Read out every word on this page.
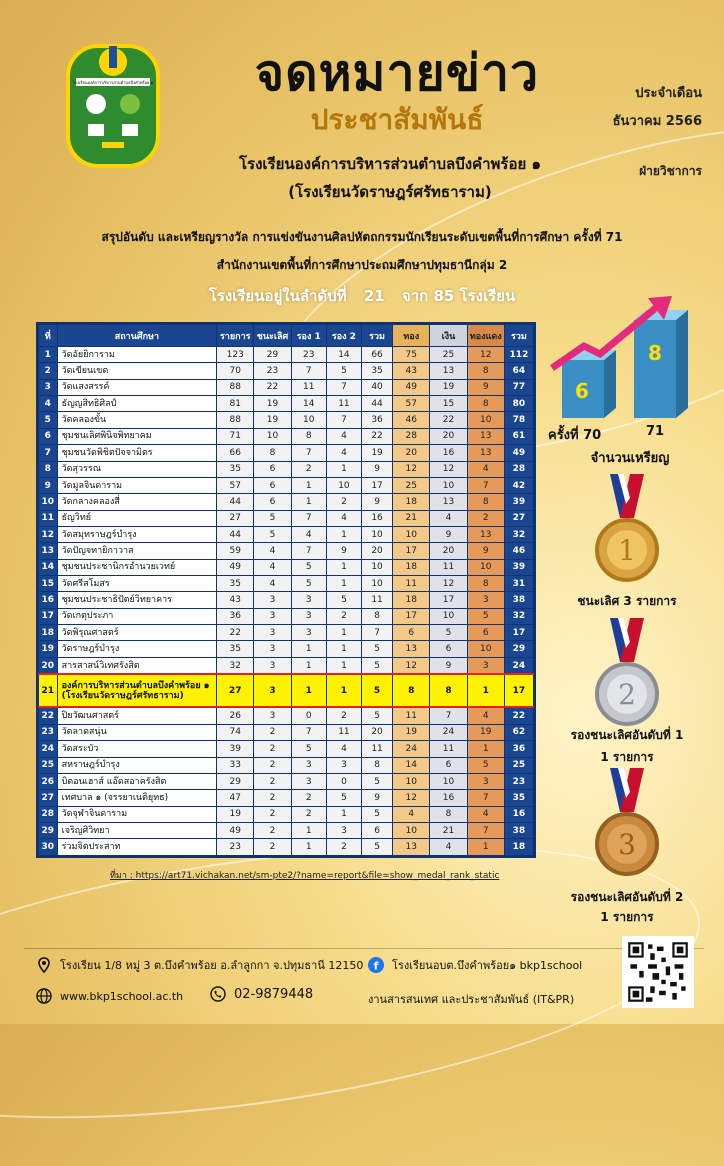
โรงเรียนองค์การบริหารส่วนตำบลบึงคำพร้อย ๑	จดหมายข่าว
ประชาสัมพันธ์
ประจำเดือน
ธันวาคม 2566
ฝ่ายวิชาการ
โรงเรียนองค์การบริหารส่วนตำบลบึงคำพร้อย ๑
(โรงเรียนวัดราษฎร์ศรัทธาราม)
สรุปอันดับ และเหรียญรางวัล การแข่งขันงานศิลปหัตถกรรมนักเรียนระดับเขตพื้นที่การศึกษา ครั้งที่ 71
สำนักงานเขตพื้นที่การศึกษาประถมศึกษาปทุมธานีกลุ่ม 2
โรงเรียนอยู่ในลำดับที่ 21 จาก 85 โรงเรียน
ที่	สถานศึกษา	รายการ	ชนะเลิศ	รอง 1	รอง 2	รวม	ทอง	เงิน	ทองแดง	รวม
1	วัดอัยยิการาม	123	29	23	14	66	75	25	12	112
2	วัดเขียนเขต	70	23	7	5	35	43	13	8	64
3	วัดแสงสรรค์	88	22	11	7	40	49	19	9	77
4	ธัญญสิทธิศิลป์	81	19	14	11	44	57	15	8	80
5	วัดคลองขั้น	88	19	10	7	36	46	22	10	78
6	ชุมชนเลิศพินิจพิทยาคม	71	10	8	4	22	28	20	13	61
7	ชุมชนวัดพิชิตปัจจามิตร	66	8	7	4	19	20	16	13	49
8	วัดสุวรรณ	35	6	2	1	9	12	12	4	28
9	วัดมูลจินดาราม	57	6	1	10	17	25	10	7	42
10	วัดกลางคลองสี่	44	6	1	2	9	18	13	8	39
11	ธัญวิทย์	27	5	7	4	16	21	4	2	27
12	วัดสมุทราษฎร์บำรุง	44	5	4	1	10	10	9	13	32
13	วัดปัญจทายิกาวาส	59	4	7	9	20	17	20	9	46
14	ชุมชนประชานิกรอำนวยเวทย์	49	4	5	1	10	18	11	10	39
15	วัดศรีสโมสร	35	4	5	1	10	11	12	8	31
16	ชุมชนประชาธิปัตย์วิทยาคาร	43	3	3	5	11	18	17	3	38
17	วัดเกตุประภา	36	3	3	2	8	17	10	5	32
18	วัดพิรุณศาสตร์	22	3	3	1	7	6	5	6	17
19	วัดราษฎร์บำรุง	35	3	1	1	5	13	6	10	29
20	สารสาสน์วิเทศรังสิต	32	3	1	1	5	12	9	3	24
21	องค์การบริหารส่วนตำบลบึงคำพร้อย ๑ (โรงเรียนวัดราษฎร์ศรัทธาราม)	27	3	1	1	5	8	8	1	17
22	ปิยวัฒนศาสตร์	26	3	0	2	5	11	7	4	22
23	วัดลาดสนุ่น	74	2	7	11	20	19	24	19	62
24	วัดสระบัว	39	2	5	4	11	24	11	1	36
25	สหราษฎร์บำรุง	33	2	3	3	8	14	6	5	25
26	บิดอนเฮาส์ แอ๊ดสอาครังสิต	29	2	3	0	5	10	10	3	23
27	เทศบาล ๑ (จรรยาเนติยุทธ)	47	2	2	5	9	12	16	7	35
28	วัดจุฬาจินดาราม	19	2	2	1	5	4	8	4	16
29	เจริญศิวิทยา	49	2	1	3	6	10	21	7	38
30	ร่วมจิตประสาท	23	2	1	2	5	13	4	1	18
ที่มา : https://art71.vichakan.net/sm-pte2/?name=report&file=show_medal_rank_static
6
8
ครั้งที่ 70	71
จำนวนเหรียญ
1
ชนะเลิศ 3 รายการ
2
รองชนะเลิศอันดับที่ 1
1 รายการ
3
รองชนะเลิศอันดับที่ 2
1 รายการ
โรงเรียน 1/8 หมู่ 3 ต.บึงคำพร้อย อ.ลำลูกกา จ.ปทุมธานี 12150 f โรงเรียนอบต.บึงคำพร้อย๑ bkp1school
www.bkp1school.ac.th	02-9879448	งานสารสนเทศ และประชาสัมพันธ์ (IT&PR)
